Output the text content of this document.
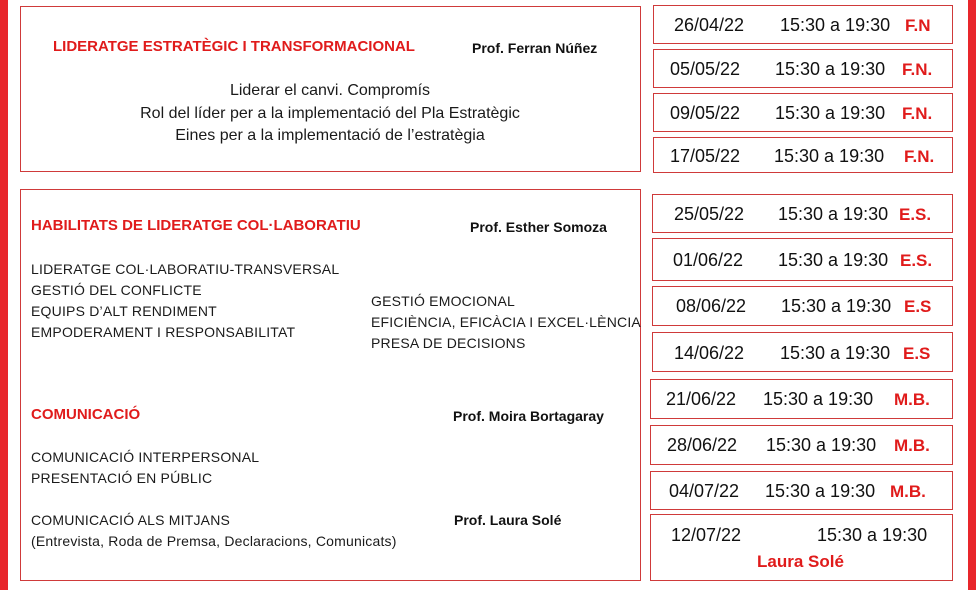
LIDERATGE ESTRATÈGIC I TRANSFORMACIONAL	Prof. Ferran Núñez
Liderar el canvi. Compromís
Rol del líder per a la implementació del Pla Estratègic
Eines per a la implementació de l’estratègia
HABILITATS DE LIDERATGE COL·LABORATIU	Prof. Esther Somoza
LIDERATGE COL·LABORATIU-TRANSVERSAL
GESTIÓ DEL CONFLICTE
EQUIPS D’ALT RENDIMENT
EMPODERAMENT I RESPONSABILITAT
GESTIÓ EMOCIONAL
EFICIÈNCIA, EFICÀCIA I EXCEL·LÈNCIA
PRESA DE DECISIONS
COMUNICACIÓ	Prof. Moira Bortagaray
COMUNICACIÓ INTERPERSONAL
PRESENTACIÓ EN PÚBLIC
COMUNICACIÓ ALS MITJANS	Prof. Laura Solé
(Entrevista, Roda de Premsa, Declaracions, Comunicats)
26/04/22 15:30 a 19:30 F.N
05/05/22 15:30 a 19:30 F.N.
09/05/22 15:30 a 19:30 F.N.
17/05/22 15:30 a 19:30 F.N.
25/05/22 15:30 a 19:30 E.S.
01/06/22 15:30 a 19:30 E.S.
08/06/22 15:30 a 19:30 E.S
14/06/22 15:30 a 19:30 E.S
21/06/22 15:30 a 19:30 M.B.
28/06/22 15:30 a 19:30 M.B.
04/07/22 15:30 a 19:30 M.B.
12/07/22	15:30 a 19:30
Laura Solé
